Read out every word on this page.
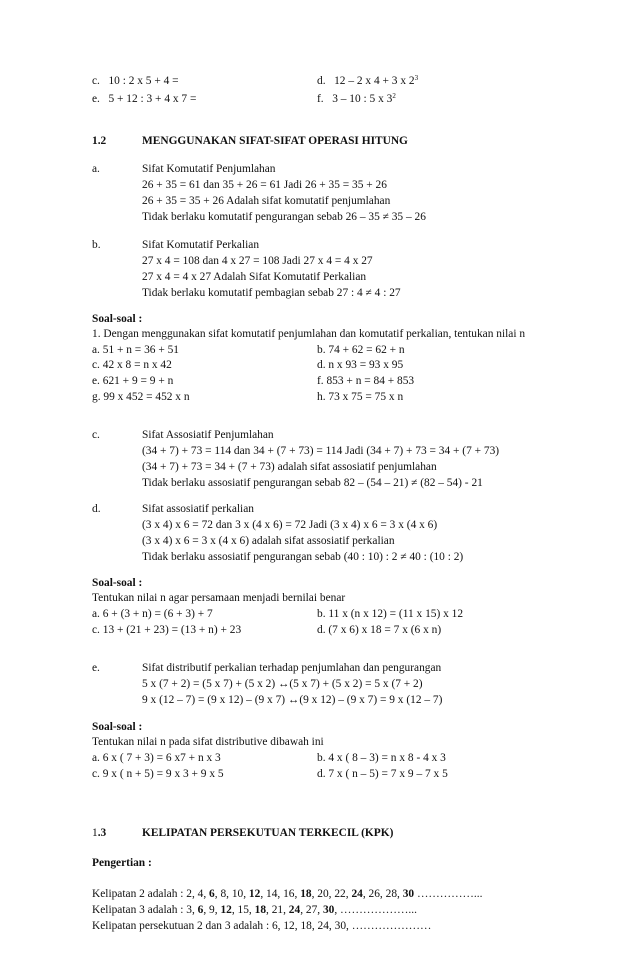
c. 10 : 2 x 5 + 4 =	d. 12 – 2 x 4 + 3 x $2^3$
e. 5 + 12 : 3 + 4 x 7 =	f. 3 – 10 : 5 x $3^2$
1.2	MENGGUNAKAN SIFAT-SIFAT OPERASI HITUNG
a.	Sifat Komutatif Penjumlahan
26 + 35 = 61 dan 35 + 26 = 61 Jadi 26 + 35 = 35 + 26
26 + 35 = 35 + 26 Adalah sifat komutatif penjumlahan
Tidak berlaku komutatif pengurangan sebab 26 – 35 ≠ 35 – 26
b.	Sifat Komutatif Perkalian
27 x 4 = 108 dan 4 x 27 = 108 Jadi 27 x 4 = 4 x 27
27 x 4 = 4 x 27 Adalah Sifat Komutatif Perkalian
Tidak berlaku komutatif pembagian sebab 27 : 4 ≠ 4 : 27
Soal-soal :
1. Dengan menggunakan sifat komutatif penjumlahan dan komutatif perkalian, tentukan nilai n
a. 51 + n = 36 + 51	b. 74 + 62 = 62 + n
c. 42 x 8 = n x 42	d. n x 93 = 93 x 95
e. 621 + 9 = 9 + n	f. 853 + n = 84 + 853
g. 99 x 452 = 452 x n	h. 73 x 75 = 75 x n
c.	Sifat Assosiatif Penjumlahan
(34 + 7) + 73 = 114 dan 34 + (7 + 73) = 114 Jadi (34 + 7) + 73 = 34 + (7 + 73)
(34 + 7) + 73 = 34 + (7 + 73) adalah sifat assosiatif penjumlahan
Tidak berlaku assosiatif pengurangan sebab 82 – (54 – 21) ≠ (82 – 54) - 21
d.	Sifat assosiatif perkalian
(3 x 4) x 6 = 72 dan 3 x (4 x 6) = 72 Jadi (3 x 4) x 6 = 3 x (4 x 6)
(3 x 4) x 6 = 3 x (4 x 6) adalah sifat assosiatif perkalian
Tidak berlaku assosiatif pengurangan sebab (40 : 10) : 2 ≠ 40 : (10 : 2)
Soal-soal :
Tentukan nilai n agar persamaan menjadi bernilai benar
a. 6 + (3 + n) = (6 + 3) + 7	b. 11 x (n x 12) = (11 x 15) x 12
c. 13 + (21 + 23) = (13 + n) + 23	d. (7 x 6) x 18 = 7 x (6 x n)
e.	Sifat distributif perkalian terhadap penjumlahan dan pengurangan
5 x (7 + 2) = (5 x 7) + (5 x 2) ↔(5 x 7) + (5 x 2) = 5 x (7 + 2)
9 x (12 – 7) = (9 x 12) – (9 x 7) ↔(9 x 12) – (9 x 7) = 9 x (12 – 7)
Soal-soal :
Tentukan nilai n pada sifat distributive dibawah ini
a. 6 x ( 7 + 3) = 6 x7 + n x 3	b. 4 x ( 8 – 3) = n x 8 - 4 x 3
c. 9 x ( n + 5) = 9 x 3 + 9 x 5	d. 7 x ( n – 5) = 7 x 9 – 7 x 5
1.3	KELIPATAN PERSEKUTUAN TERKECIL (KPK)
Pengertian :
Kelipatan 2 adalah : 2, 4, 6, 8, 10, 12, 14, 16, 18, 20, 22, 24, 26, 28, 30 ……………...
Kelipatan 3 adalah : 3, 6, 9, 12, 15, 18, 21, 24, 27, 30, ………………...
Kelipatan persekutuan 2 dan 3 adalah : 6, 12, 18, 24, 30, …………………
